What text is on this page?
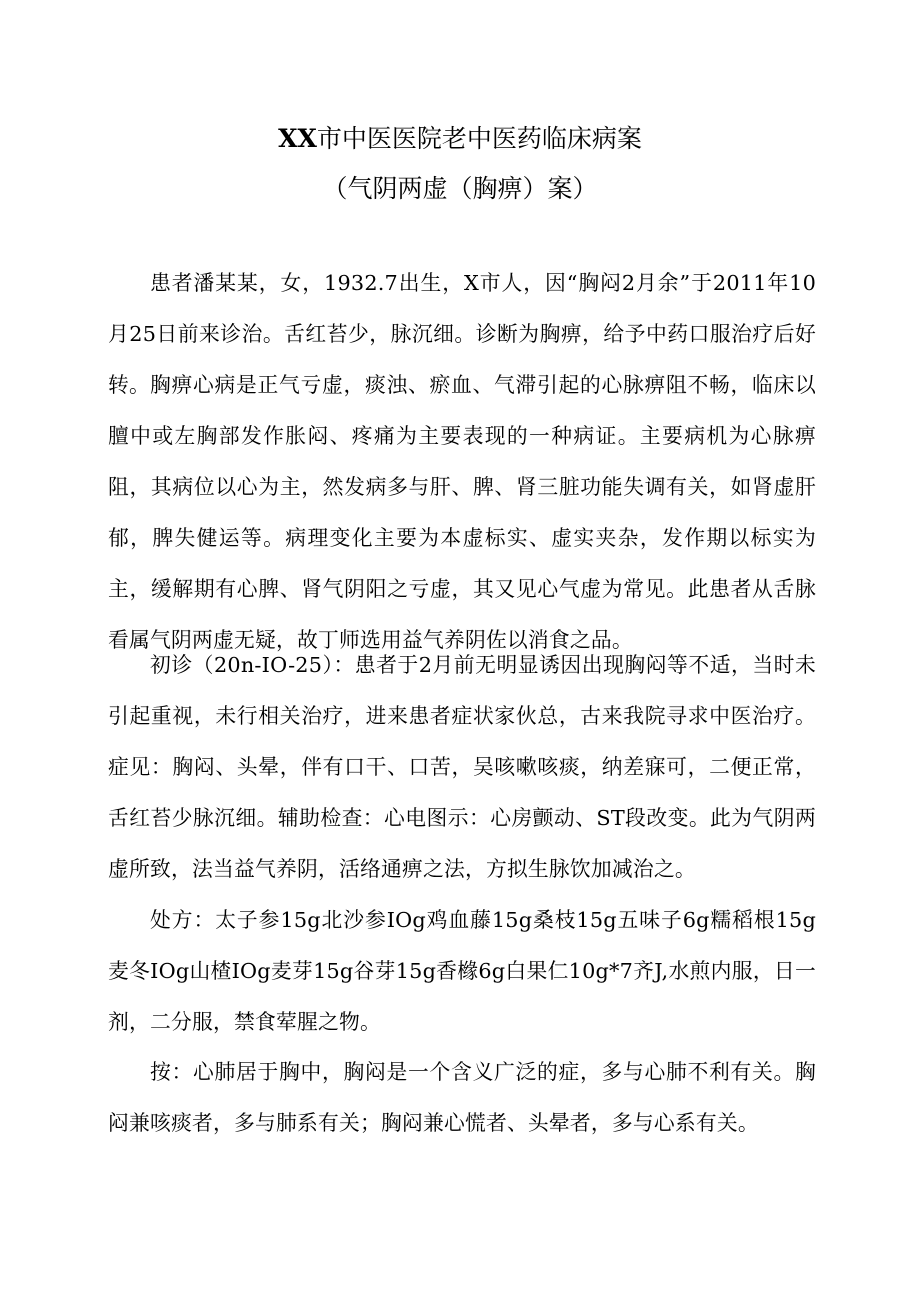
XX市中医医院老中医药临床病案
（气阴两虚（胸痹）案）

患者潘某某，女，1932.7出生，X市人，因“胸闷2月余”于2011年10月25日前来诊治。舌红苔少，脉沉细。诊断为胸痹，给予中药口服治疗后好转。 胸痹心病是正气亏虚，痰浊、瘀血、气滞引起的心脉痹阻不畅，临床以膻中或左胸部发作胀闷、疼痛为主要表现的一种病证。主要病机为心脉痹阻，其病位以心为主，然发病多与肝、脾、肾三脏功能失调有关，如肾虚肝郁，脾失健运等。病理变化主要为本虚标实、虚实夹杂，发作期以标实为主，缓解期有心脾、肾气阴阳之亏虚，其又见心气虚为常见。此患者从舌脉看属气阴两虚无疑，故丁师选用益气养阴佐以消食之品。

初诊（20n-IO-25）：患者于2月前无明显诱因出现胸闷等不适，当时未引起重视，未行相关治疗，进来患者症状家伙总，古来我院寻求中医治疗。症见：胸闷、头晕，伴有口干、口苦，吴咳嗽咳痰，纳差寐可，二便正常，舌红苔少脉沉细。辅助检查：心电图示：心房颤动、ST段改变。此为气阴两虚所致，法当益气养阴，活络通痹之法，方拟生脉饮加减治之。

处方：太子参15g北沙参IOg鸡血藤15g桑枝15g五味子6g糯稻根15g麦冬IOg山楂IOg麦芽15g谷芽15g香橼6g白果仁10g*7齐J,水煎内服，日一剂，二分服，禁食荤腥之物。

按：心肺居于胸中，胸闷是一个含义广泛的症，多与心肺不利有关。胸闷兼咳痰者，多与肺系有关；胸闷兼心慌者、头晕者，多与心系有关。
